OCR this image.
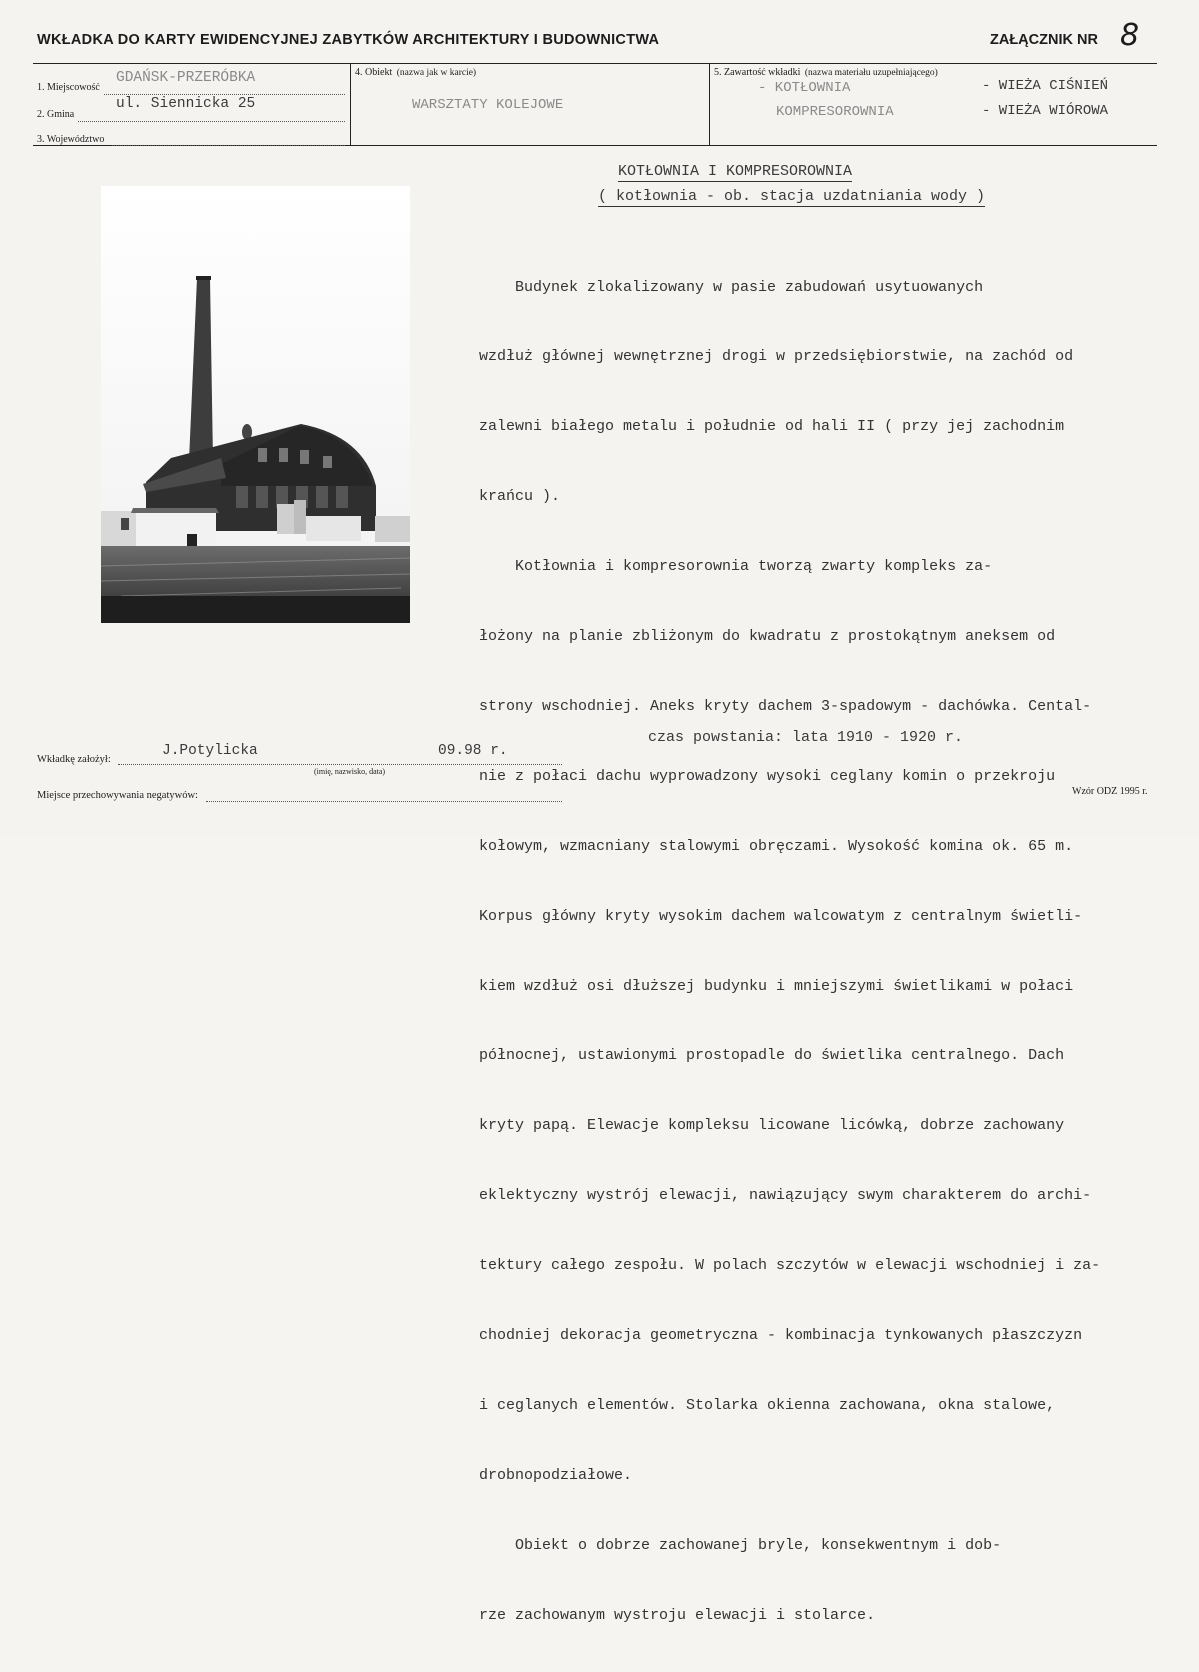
WKŁADKA DO KARTY EWIDENCYJNEJ ZABYTKÓW ARCHITEKTURY I BUDOWNICTWA	ZAŁĄCZNIK NR 8
1. Miejscowość
GDAŃSK-PRZERÓBKA
2. Gmina
ul. Siennicka 25
3. Województwo
4. Obiekt (nazwa jak w karcie)
WARSZTATY KOLEJOWE
5. Zawartość wkładki (nazwa materiału uzupełniającego)
- KOTŁOWNIA
KOMPRESOROWNIA
- WIEŻA CIŚNIEŃ
- WIEŻA WIÓROWA
KOTŁOWNIA I KOMPRESOROWNIA
( kotłownia - ob. stacja uzdatniania wody )

Budynek zlokalizowany w pasie zabudowań usytuowanych

wzdłuż głównej wewnętrznej drogi w przedsiębiorstwie, na zachód od

zalewni białego metalu i południe od hali II ( przy jej zachodnim

krańcu ).

Kotłownia i kompresorownia tworzą zwarty kompleks za-

łożony na planie zbliżonym do kwadratu z prostokątnym aneksem od

strony wschodniej. Aneks kryty dachem 3-spadowym - dachówka. Cental-

nie z połaci dachu wyprowadzony wysoki ceglany komin o przekroju

kołowym, wzmacniany stalowymi obręczami. Wysokość komina ok. 65 m.

Korpus główny kryty wysokim dachem walcowatym z centralnym świetli-

kiem wzdłuż osi dłuższej budynku i mniejszymi świetlikami w połaci

północnej, ustawionymi prostopadle do świetlika centralnego. Dach

kryty papą. Elewacje kompleksu licowane licówką, dobrze zachowany

eklektyczny wystrój elewacji, nawiązujący swym charakterem do archi-

tektury całego zespołu. W polach szczytów w elewacji wschodniej i za-

chodniej dekoracja geometryczna - kombinacja tynkowanych płaszczyzn

i ceglanych elementów. Stolarka okienna zachowana, okna stalowe,

drobnopodziałowe.

Obiekt o dobrze zachowanej bryle, konsekwentnym i dob-

rze zachowanym wystroju elewacji i stolarce.

czas powstania: lata 1910 - 1920 r.
Wkładkę założył:
J.Potylicka	09.98 r.
(imię, nazwisko, data)
Miejsce przechowywania negatywów:	Wzór ODZ 1995 r.
